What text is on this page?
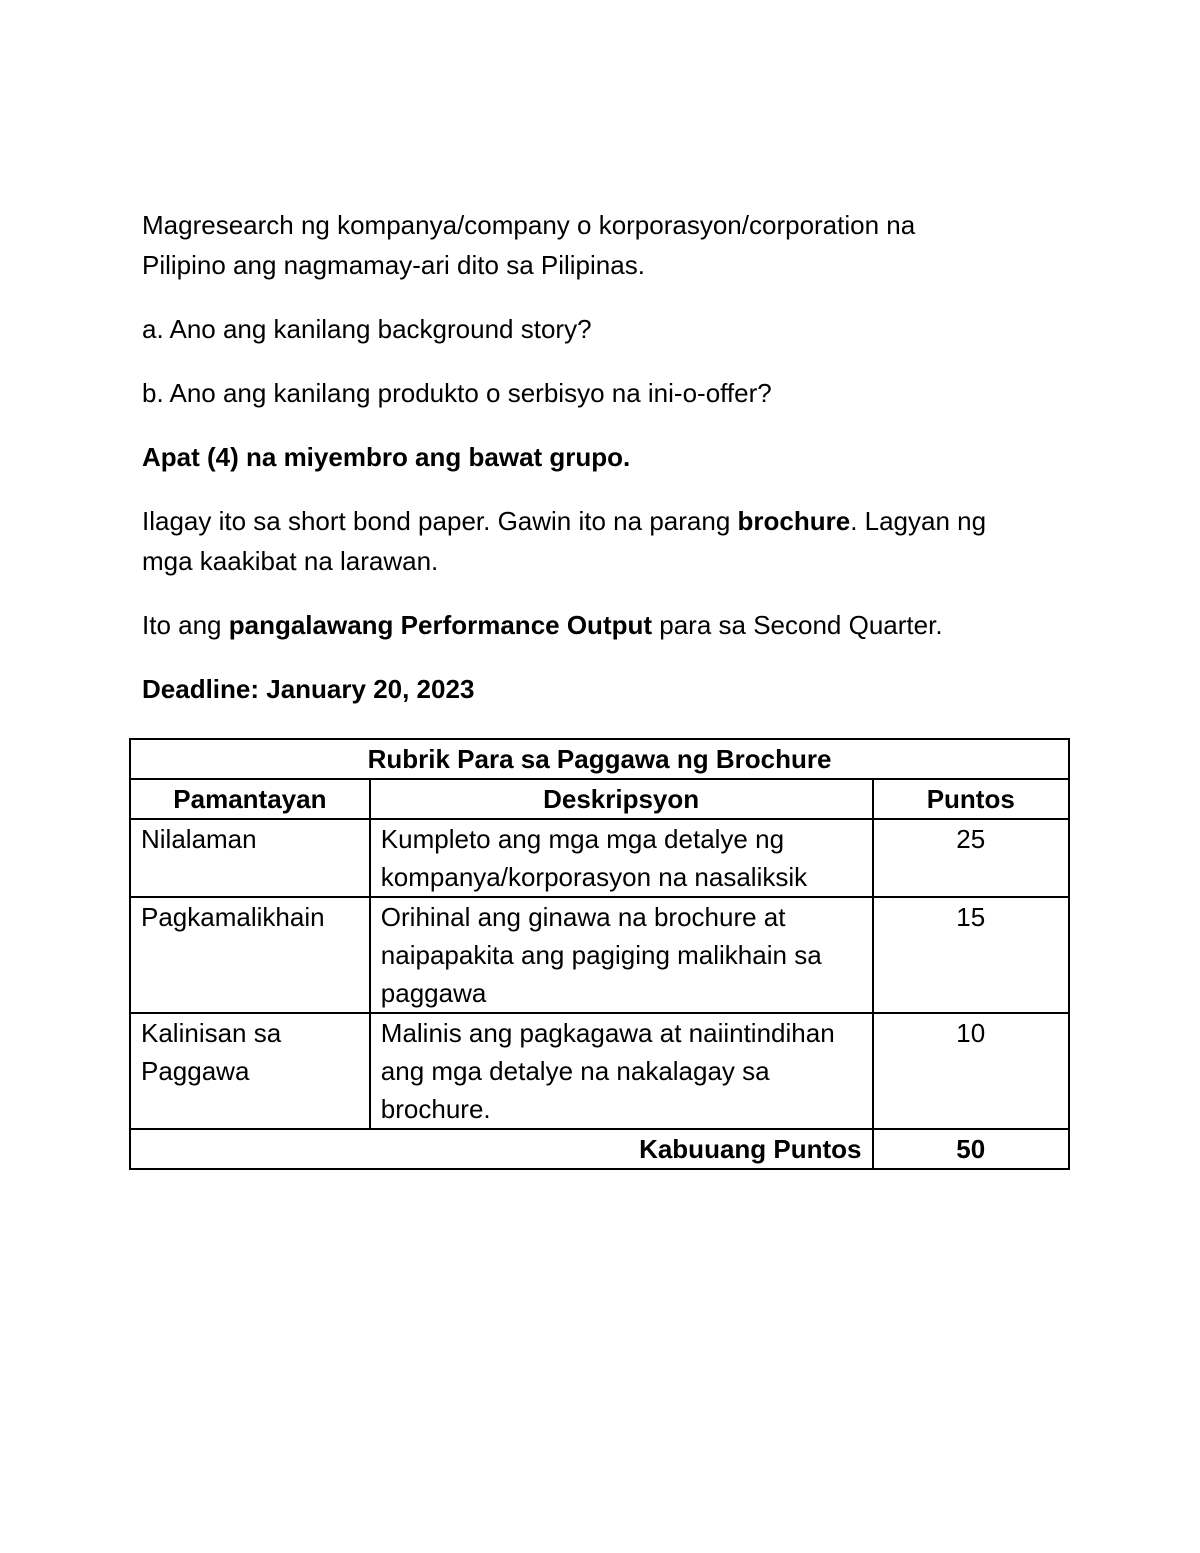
Magresearch ng kompanya/company o korporasyon/corporation na
Pilipino ang nagmamay-ari dito sa Pilipinas.

a. Ano ang kanilang background story?

b. Ano ang kanilang produkto o serbisyo na ini-o-offer?

Apat (4) na miyembro ang bawat grupo.

Ilagay ito sa short bond paper. Gawin ito na parang brochure. Lagyan ng
mga kaakibat na larawan.

Ito ang pangalawang Performance Output para sa Second Quarter.

Deadline: January 20, 2023

Rubrik Para sa Paggawa ng Brochure		
Pamantayan	Deskripsyon	Puntos
Nilalaman	Kumpleto ang mga mga detalye ng kompanya/korporasyon na nasaliksik	25
Pagkamalikhain	Orihinal ang ginawa na brochure at naipapakita ang pagiging malikhain sa paggawa	15
Kalinisan sa Paggawa	Malinis ang pagkagawa at naiintindihan ang mga detalye na nakalagay sa brochure.	10
Kabuuang Puntos		50
